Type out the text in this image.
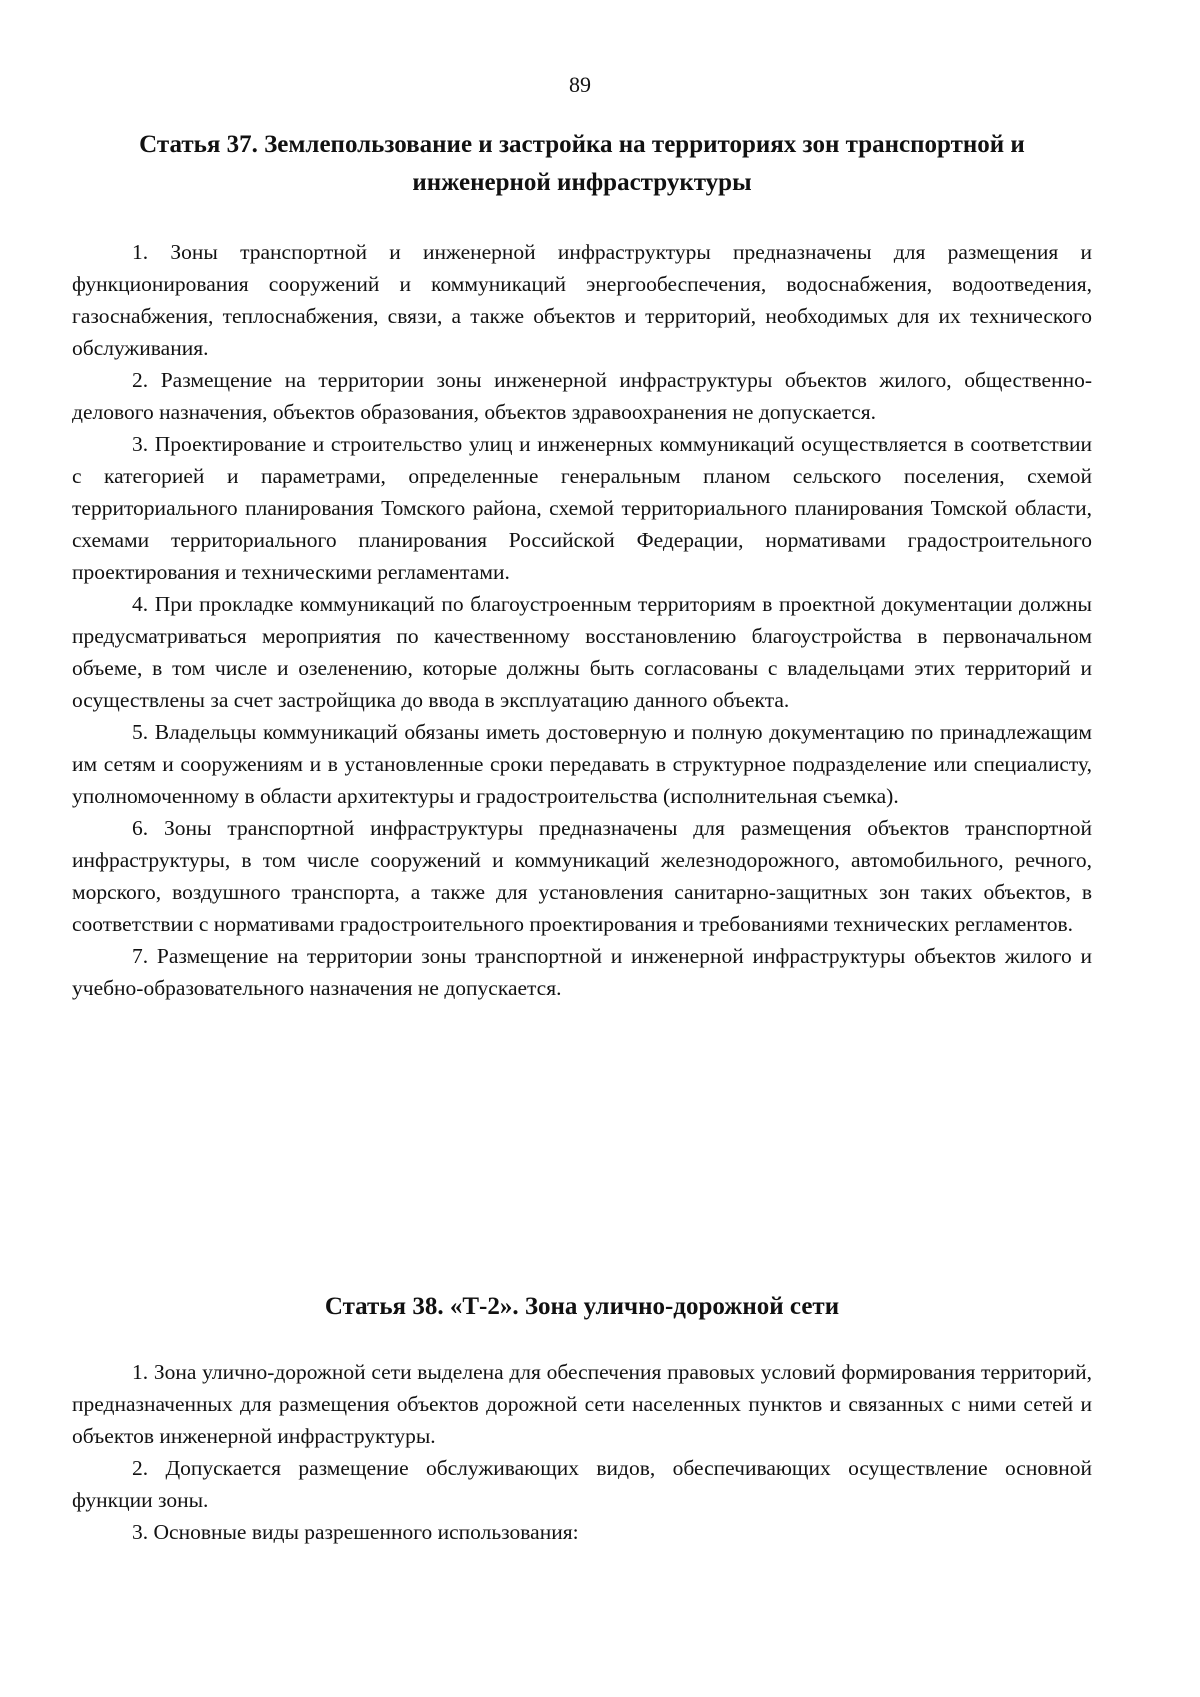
89
Статья 37. Землепользование и застройка на территориях зон транспортной и инженерной инфраструктуры

1. Зоны транспортной и инженерной инфраструктуры предназначены для размещения и функционирования сооружений и коммуникаций энергообеспечения, водоснабжения, водоотведения, газоснабжения, теплоснабжения, связи, а также объектов и территорий, необходимых для их технического обслуживания.

2. Размещение на территории зоны инженерной инфраструктуры объектов жилого, общественно-делового назначения, объектов образования, объектов здравоохранения не допускается.

3. Проектирование и строительство улиц и инженерных коммуникаций осуществляется в соответствии с категорией и параметрами, определенные генеральным планом сельского поселения, схемой территориального планирования Томского района, схемой территориального планирования Томской области, схемами территориального планирования Российской Федерации, нормативами градостроительного проектирования и техническими регламентами.

4. При прокладке коммуникаций по благоустроенным территориям в проектной документации должны предусматриваться мероприятия по качественному восстановлению благоустройства в первоначальном объеме, в том числе и озеленению, которые должны быть согласованы с владельцами этих территорий и осуществлены за счет застройщика до ввода в эксплуатацию данного объекта.

5. Владельцы коммуникаций обязаны иметь достоверную и полную документацию по принадлежащим им сетям и сооружениям и в установленные сроки передавать в структурное подразделение или специалисту, уполномоченному в области архитектуры и градостроительства (исполнительная съемка).

6. Зоны транспортной инфраструктуры предназначены для размещения объектов транспортной инфраструктуры, в том числе сооружений и коммуникаций железнодорожного, автомобильного, речного, морского, воздушного транспорта, а также для установления санитарно-защитных зон таких объектов, в соответствии с нормативами градостроительного проектирования и требованиями технических регламентов.

7. Размещение на территории зоны транспортной и инженерной инфраструктуры объектов жилого и учебно-образовательного назначения не допускается.

Статья 38. «Т-2». Зона улично-дорожной сети

1. Зона улично-дорожной сети выделена для обеспечения правовых условий формирования территорий, предназначенных для размещения объектов дорожной сети населенных пунктов и связанных с ними сетей и объектов инженерной инфраструктуры.

2. Допускается размещение обслуживающих видов, обеспечивающих осуществление основной функции зоны.

3. Основные виды разрешенного использования:
